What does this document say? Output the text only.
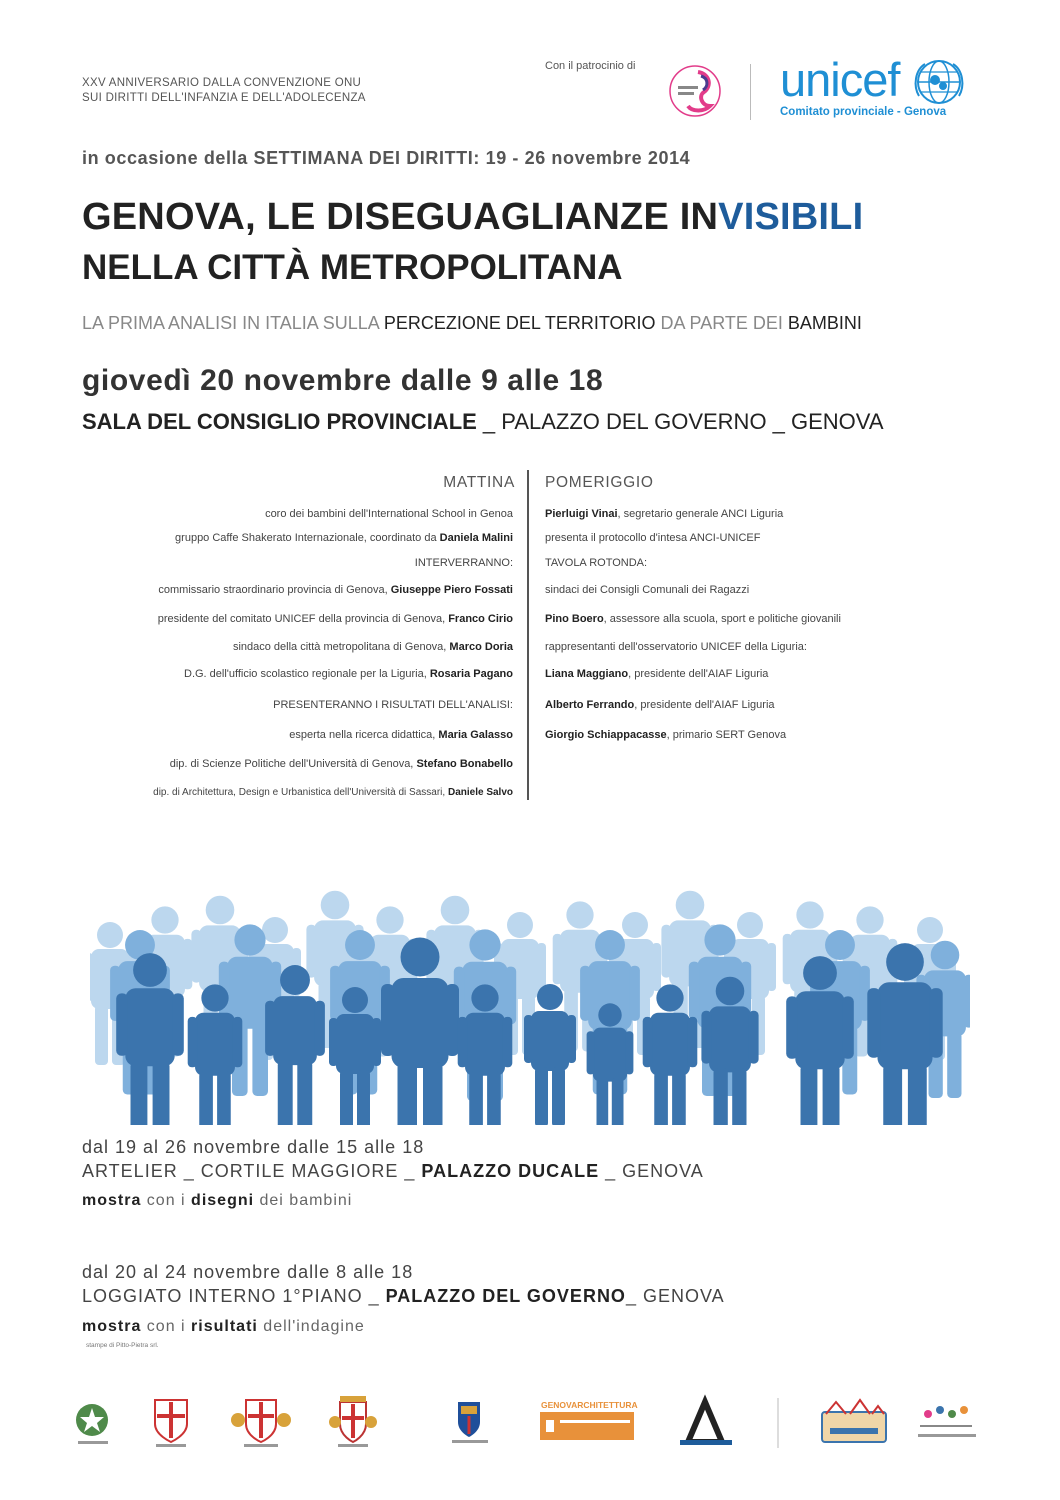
XXV ANNIVERSARIO DALLA CONVENZIONE ONU
SUI DIRITTI DELL'INFANZIA E DELL'ADOLECENZA
Con il patrocinio di	unicef
Comitato provinciale - Genova
in occasione della SETTIMANA DEI DIRITTI: 19 - 26 novembre 2014
GENOVA, LE DISEGUAGLIANZE INVISIBILI
NELLA CITTÀ METROPOLITANA
LA PRIMA ANALISI IN ITALIA SULLA PERCEZIONE DEL TERRITORIO DA PARTE DEI BAMBINI
giovedì 20 novembre dalle 9 alle 18
SALA DEL CONSIGLIO PROVINCIALE _ PALAZZO DEL GOVERNO _ GENOVA
MATTINA POMERIGGIO
coro dei bambini dell'International School in Genoa
gruppo Caffe Shakerato Internazionale, coordinato da Daniela Malini
INTERVERRANNO:
commissario straordinario provincia di Genova, Giuseppe Piero Fossati
presidente del comitato UNICEF della provincia di Genova, Franco Cirio
sindaco della città metropolitana di Genova, Marco Doria
D.G. dell'ufficio scolastico regionale per la Liguria, Rosaria Pagano
PRESENTERANNO I RISULTATI DELL'ANALISI:
esperta nella ricerca didattica, Maria Galasso
dip. di Scienze Politiche dell'Università di Genova, Stefano Bonabello
dip. di Architettura, Design e Urbanistica dell'Università di Sassari, Daniele Salvo
Pierluigi Vinai, segretario generale ANCI Liguria
presenta il protocollo d'intesa ANCI-UNICEF
TAVOLA ROTONDA:
sindaci dei Consigli Comunali dei Ragazzi
Pino Boero, assessore alla scuola, sport e politiche giovanili
rappresentanti dell'osservatorio UNICEF della Liguria:
Liana Maggiano, presidente dell'AIAF Liguria
Alberto Ferrando, presidente dell'AIAF Liguria
Giorgio Schiappacasse, primario SERT Genova
dal 19 al 26 novembre dalle 15 alle 18
ARTELIER _ CORTILE MAGGIORE _ PALAZZO DUCALE _ GENOVA
mostra con i disegni dei bambini
dal 20 al 24 novembre dalle 8 alle 18
LOGGIATO INTERNO 1°PIANO _ PALAZZO DEL GOVERNO_ GENOVA
mostra con i risultati dell'indagine
stampe di Pitto-Pietra srl.
GENOVARCHITETTURA
